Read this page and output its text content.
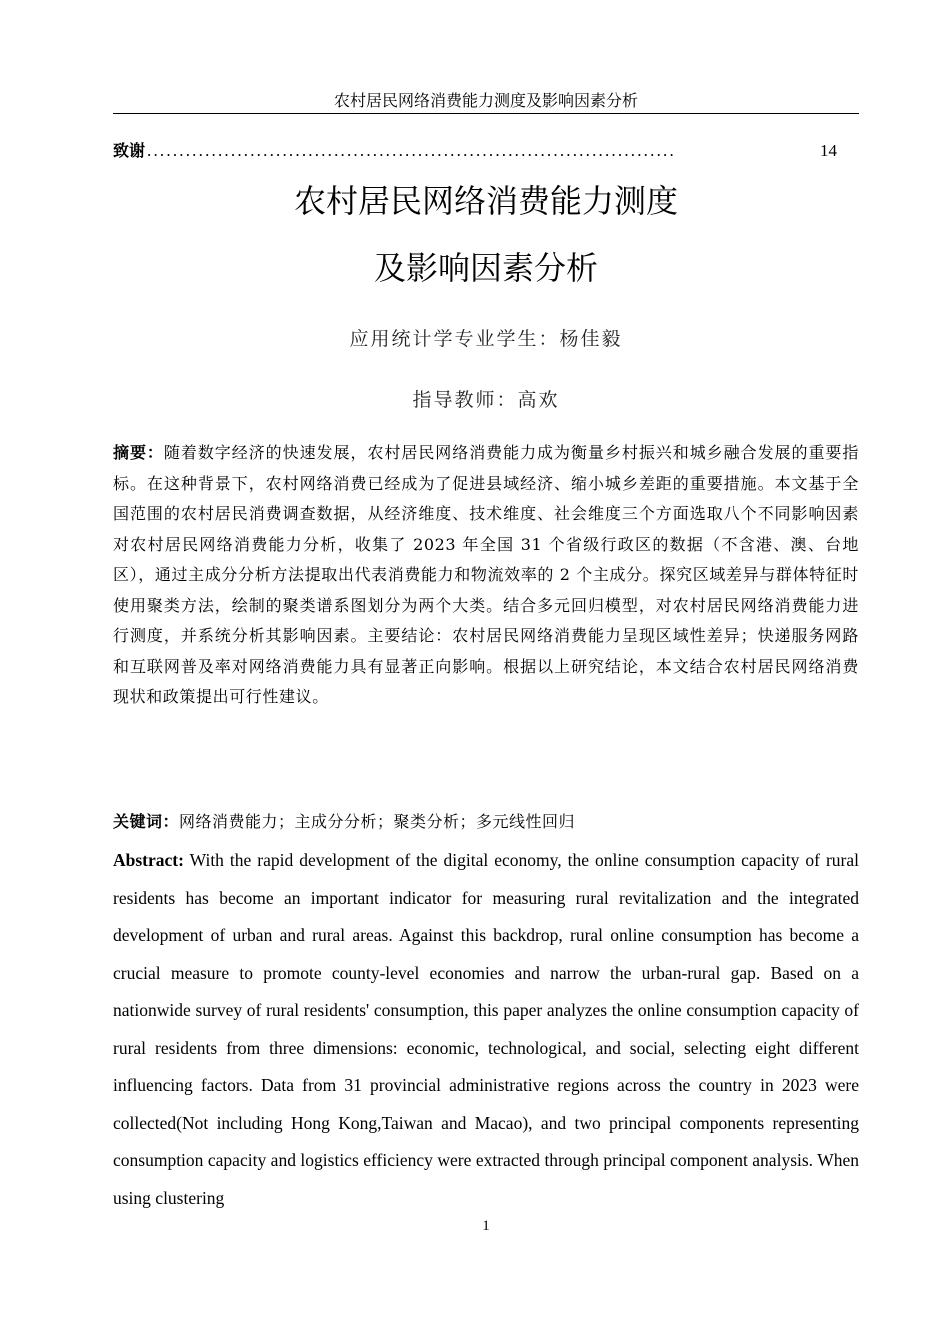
农村居民网络消费能力测度及影响因素分析
致谢 ..................................................................................	14
农村居民网络消费能力测度
及影响因素分析
应用统计学专业学生：杨佳毅
指导教师：高欢
摘要：随着数字经济的快速发展，农村居民网络消费能力成为衡量乡村振兴和城乡融合发展的重要指标。在这种背景下，农村网络消费已经成为了促进县域经济、缩小城乡差距的重要措施。本文基于全国范围的农村居民消费调查数据，从经济维度、技术维度、社会维度三个方面选取八个不同影响因素对农村居民网络消费能力分析，收集了 2023 年全国 31 个省级行政区的数据（不含港、澳、台地区），通过主成分分析方法提取出代表消费能力和物流效率的 2 个主成分。探究区域差异与群体特征时使用聚类方法，绘制的聚类谱系图划分为两个大类。结合多元回归模型，对农村居民网络消费能力进行测度，并系统分析其影响因素。主要结论：农村居民网络消费能力呈现区域性差异；快递服务网路和互联网普及率对网络消费能力具有显著正向影响。根据以上研究结论，本文结合农村居民网络消费现状和政策提出可行性建议。
关键词：网络消费能力；主成分分析；聚类分析；多元线性回归
Abstract: With the rapid development of the digital economy, the online consumption capacity of rural residents has become an important indicator for measuring rural revitalization and the integrated development of urban and rural areas. Against this backdrop, rural online consumption has become a crucial measure to promote county-level economies and narrow the urban-rural gap. Based on a nationwide survey of rural residents' consumption, this paper analyzes the online consumption capacity of rural residents from three dimensions: economic, technological, and social, selecting eight different influencing factors. Data from 31 provincial administrative regions across the country in 2023 were collected(Not including Hong Kong,Taiwan and Macao), and two principal components representing consumption capacity and logistics efficiency were extracted through principal component analysis. When using clustering
1
